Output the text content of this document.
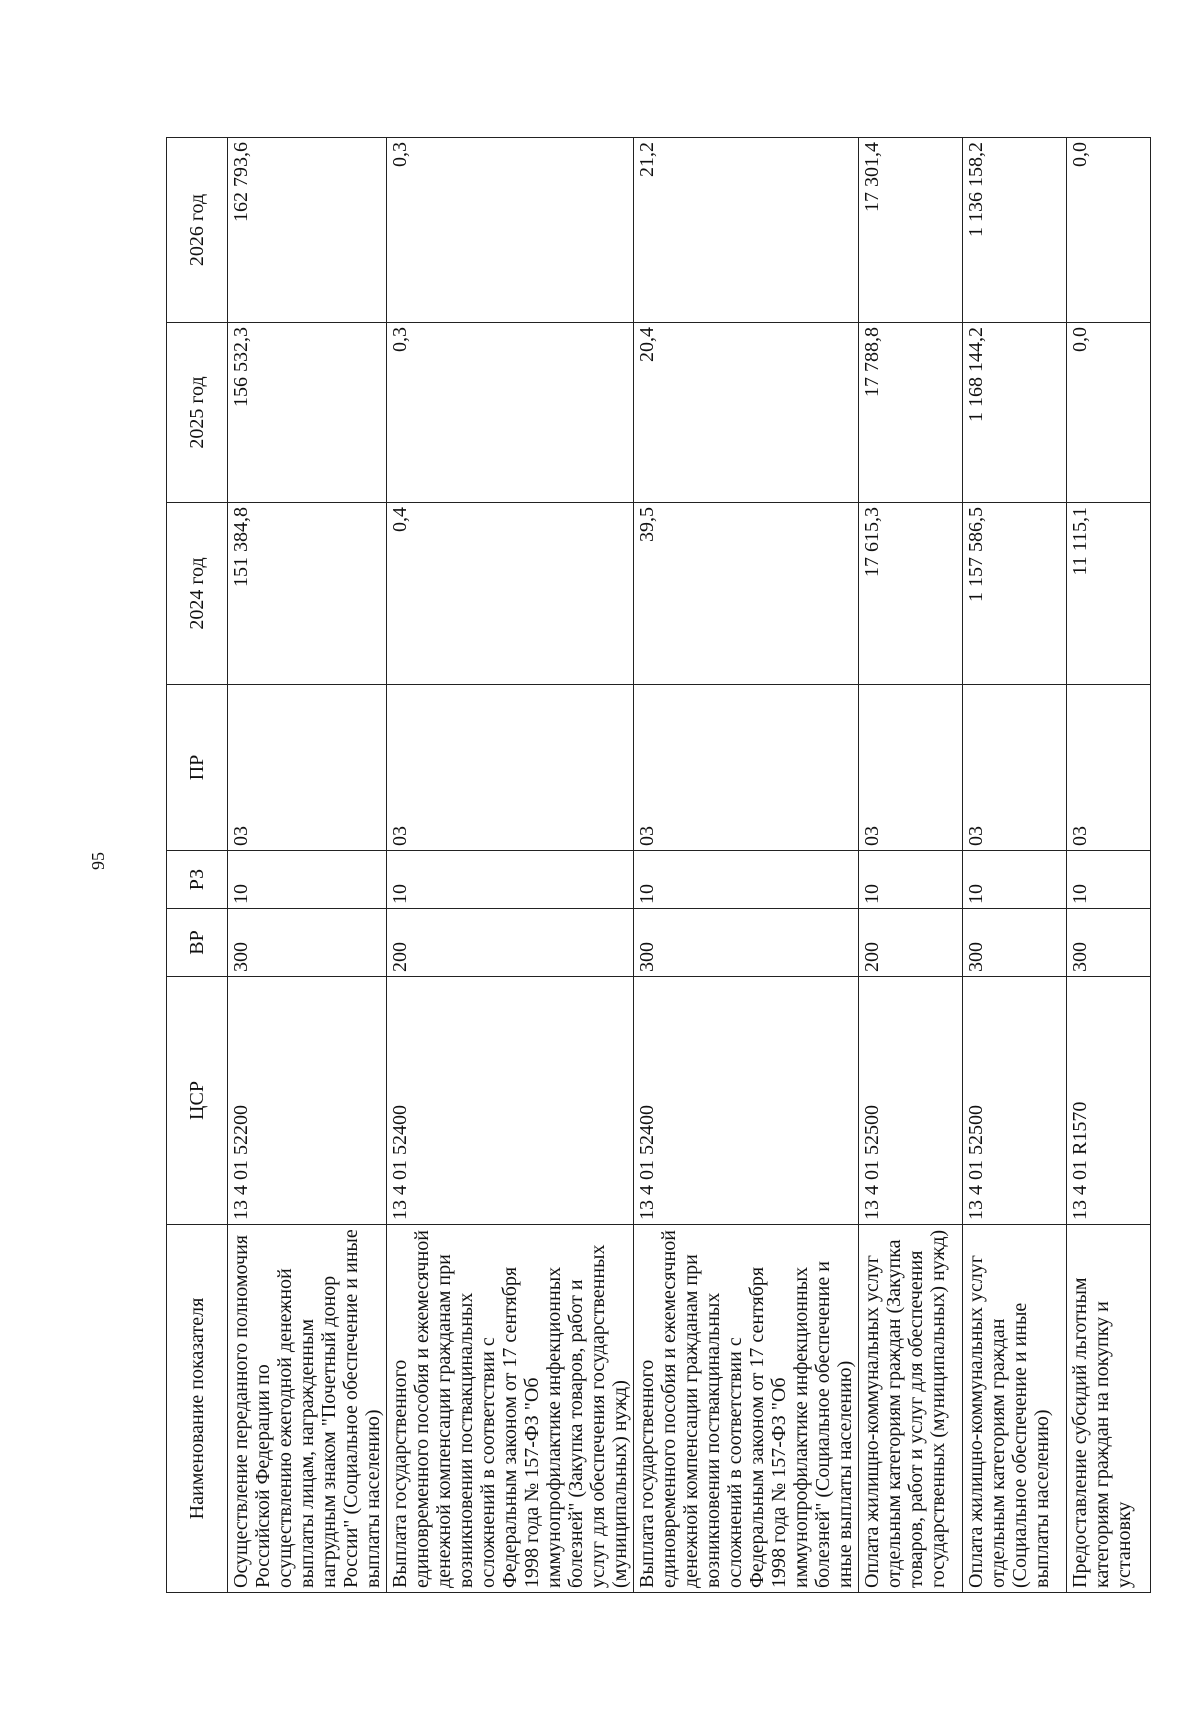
95
Наименование показателя	ЦСР	ВР	РЗ	ПР	2024 год	2025 год	2026 год
Осуществление переданного полномочия Российской Федерации по осуществлению ежегодной денежной выплаты лицам, награжденным нагрудным знаком "Почетный донор России" (Социальное обеспечение и иные выплаты населению)	13 4 01 52200	300	10	03	151 384,8	156 532,3	162 793,6
Выплата государственного единовременного пособия и ежемесячной денежной компенсации гражданам при возникновении поствакцинальных осложнений в соответствии с Федеральным законом от 17 сентября 1998 года № 157-ФЗ "Об иммунопрофилактике инфекционных болезней" (Закупка товаров, работ и услуг для обеспечения государственных (муниципальных) нужд)	13 4 01 52400	200	10	03	0,4	0,3	0,3
Выплата государственного единовременного пособия и ежемесячной денежной компенсации гражданам при возникновении поствакцинальных осложнений в соответствии с Федеральным законом от 17 сентября 1998 года № 157-ФЗ "Об иммунопрофилактике инфекционных болезней" (Социальное обеспечение и иные выплаты населению)	13 4 01 52400	300	10	03	39,5	20,4	21,2
Оплата жилищно-коммунальных услуг отдельным категориям граждан (Закупка товаров, работ и услуг для обеспечения государственных (муниципальных) нужд)	13 4 01 52500	200	10	03	17 615,3	17 788,8	17 301,4
Оплата жилищно-коммунальных услуг отдельным категориям граждан (Социальное обеспечение и иные выплаты населению)	13 4 01 52500	300	10	03	1 157 586,5	1 168 144,2	1 136 158,2
Предоставление субсидий льготным категориям граждан на покупку и установку	13 4 01 R1570	300	10	03	11 115,1	0,0	0,0
